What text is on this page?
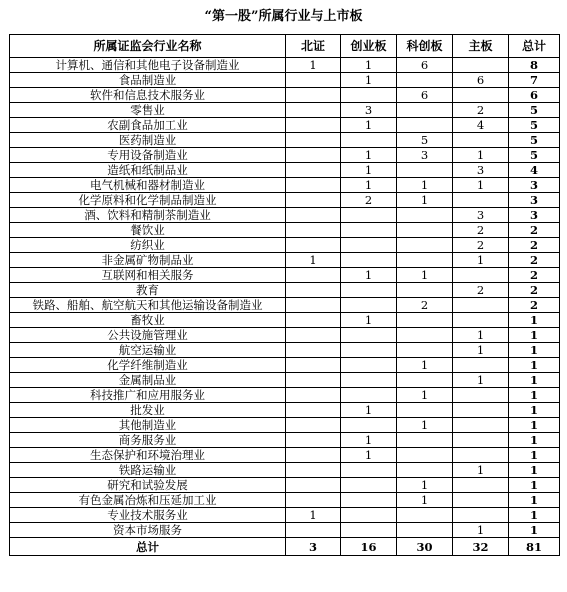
“第一股”所属行业与上市板
所属证监会行业名称	北证	创业板	科创板	主板	总计
计算机、通信和其他电子设备制造业	1	1	6		8
食品制造业		1		6	7
软件和信息技术服务业			6		6
零售业		3		2	5
农副食品加工业		1		4	5
医药制造业			5		5
专用设备制造业		1	3	1	5
造纸和纸制品业		1		3	4
电气机械和器材制造业		1	1	1	3
化学原料和化学制品制造业		2	1		3
酒、饮料和精制茶制造业				3	3
餐饮业				2	2
纺织业				2	2
非金属矿物制品业	1			1	2
互联网和相关服务		1	1		2
教育				2	2
铁路、船舶、航空航天和其他运输设备制造业			2		2
畜牧业		1			1
公共设施管理业				1	1
航空运输业				1	1
化学纤维制造业			1		1
金属制品业				1	1
科技推广和应用服务业			1		1
批发业		1			1
其他制造业			1		1
商务服务业		1			1
生态保护和环境治理业		1			1
铁路运输业				1	1
研究和试验发展			1		1
有色金属冶炼和压延加工业			1		1
专业技术服务业	1				1
资本市场服务				1	1
总计	3	16	30	32	81
